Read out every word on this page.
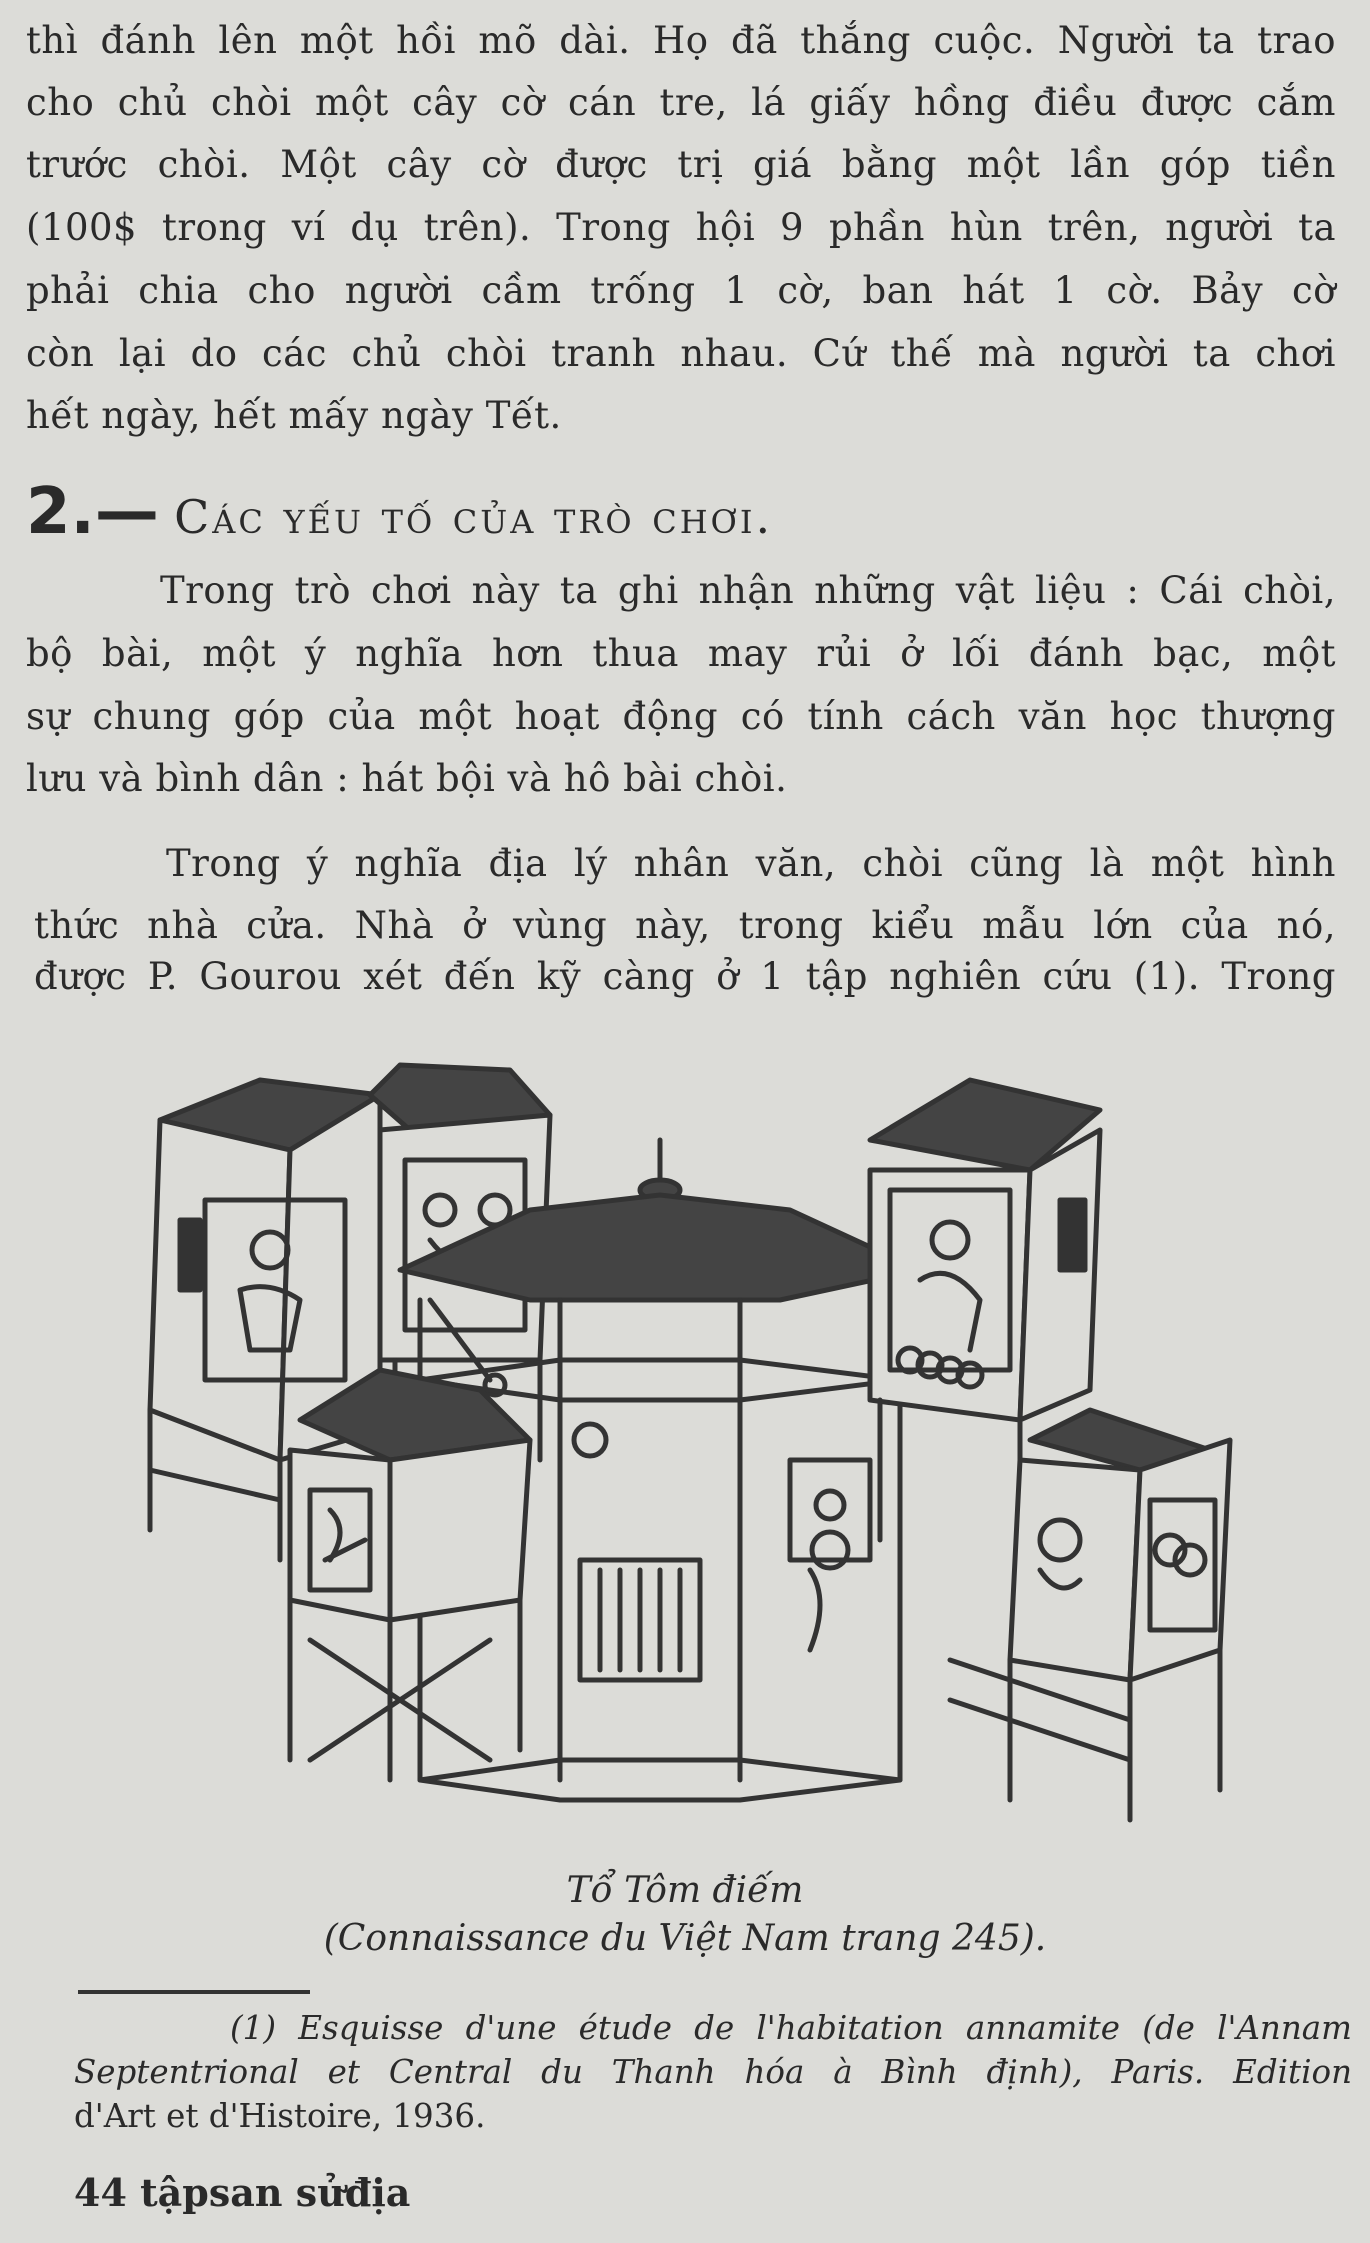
thì đánh lên một hồi mõ dài. Họ đã thắng cuộc. Người ta trao
cho chủ chòi một cây cờ cán tre, lá giấy hồng điều được cắm
trước chòi. Một cây cờ được trị giá bằng một lần góp tiền
(100$ trong ví dụ trên). Trong hội 9 phần hùn trên, người ta
phải chia cho người cầm trống 1 cờ, ban hát 1 cờ. Bảy cờ
còn lại do các chủ chòi tranh nhau. Cứ thế mà người ta chơi
hết ngày, hết mấy ngày Tết.
2.— Các yếu tố của trò chơi.
Trong trò chơi này ta ghi nhận những vật liệu : Cái chòi,
bộ bài, một ý nghĩa hơn thua may rủi ở lối đánh bạc, một
sự chung góp của một hoạt động có tính cách văn học thượng
lưu và bình dân : hát bội và hô bài chòi.
Trong ý nghĩa địa lý nhân văn, chòi cũng là một hình
thức nhà cửa. Nhà ở vùng này, trong kiểu mẫu lớn của nó,
được P. Gourou xét đến kỹ càng ở 1 tập nghiên cứu (1). Trong
Tổ Tôm điếm
(Connaissance du Việt Nam trang 245).
(1) Esquisse d'une étude de l'habitation annamite (de l'Annam
Septentrional et Central du Thanh hóa à Bình định), Paris. Edition
d'Art et d'Histoire, 1936.
44 tậpsan sửđịa
